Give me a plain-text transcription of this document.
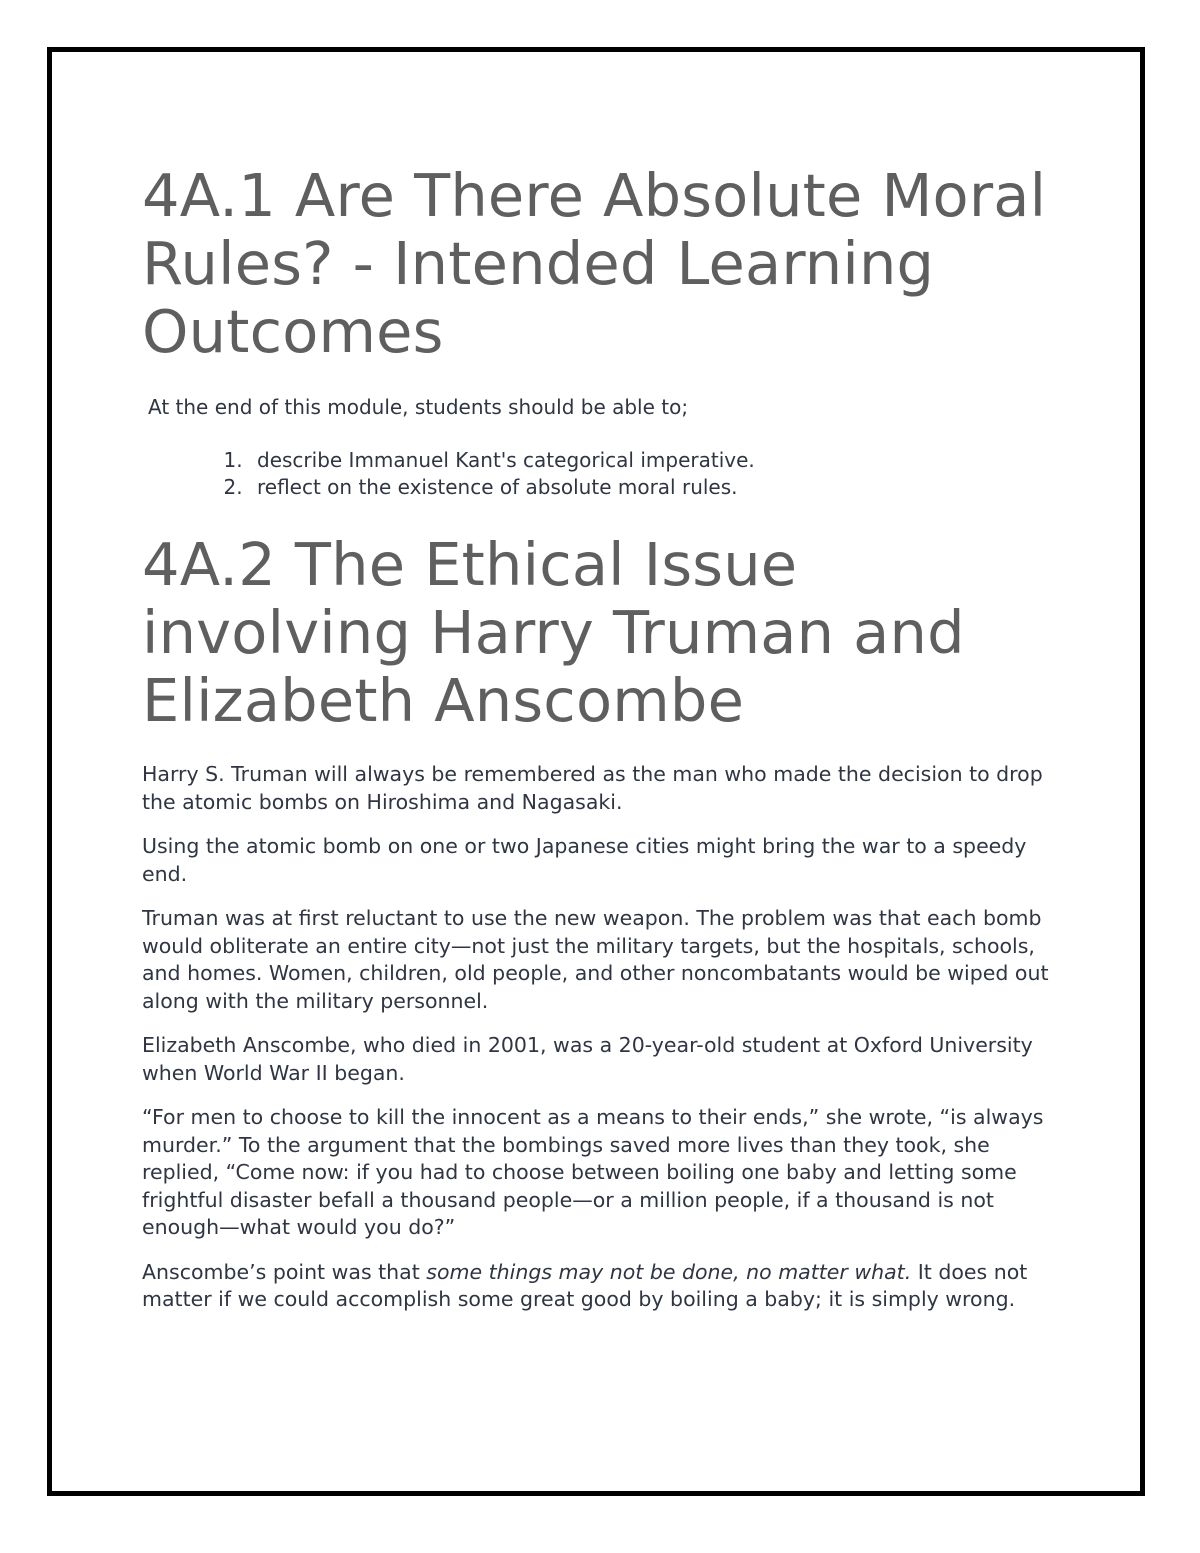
4A.1 Are There Absolute Moral Rules? - Intended Learning Outcomes

At the end of this module, students should be able to;

1. describe Immanuel Kant's categorical imperative.
2. reflect on the existence of absolute moral rules.
4A.2 The Ethical Issue involving Harry Truman and Elizabeth Anscombe

Harry S. Truman will always be remembered as the man who made the decision to drop the atomic bombs on Hiroshima and Nagasaki.

Using the atomic bomb on one or two Japanese cities might bring the war to a speedy end.

Truman was at first reluctant to use the new weapon. The problem was that each bomb would obliterate an entire city—not just the military targets, but the hospitals, schools, and homes. Women, children, old people, and other noncombatants would be wiped out along with the military personnel.

Elizabeth Anscombe, who died in 2001, was a 20-year-old student at Oxford University when World War II began.

“For men to choose to kill the innocent as a means to their ends,” she wrote, “is always murder.” To the argument that the bombings saved more lives than they took, she replied, “Come now: if you had to choose between boiling one baby and letting some frightful disaster befall a thousand people—or a million people, if a thousand is not enough—what would you do?”

Anscombe’s point was that some things may not be done, no matter what. It does not matter if we could accomplish some great good by boiling a baby; it is simply wrong.
